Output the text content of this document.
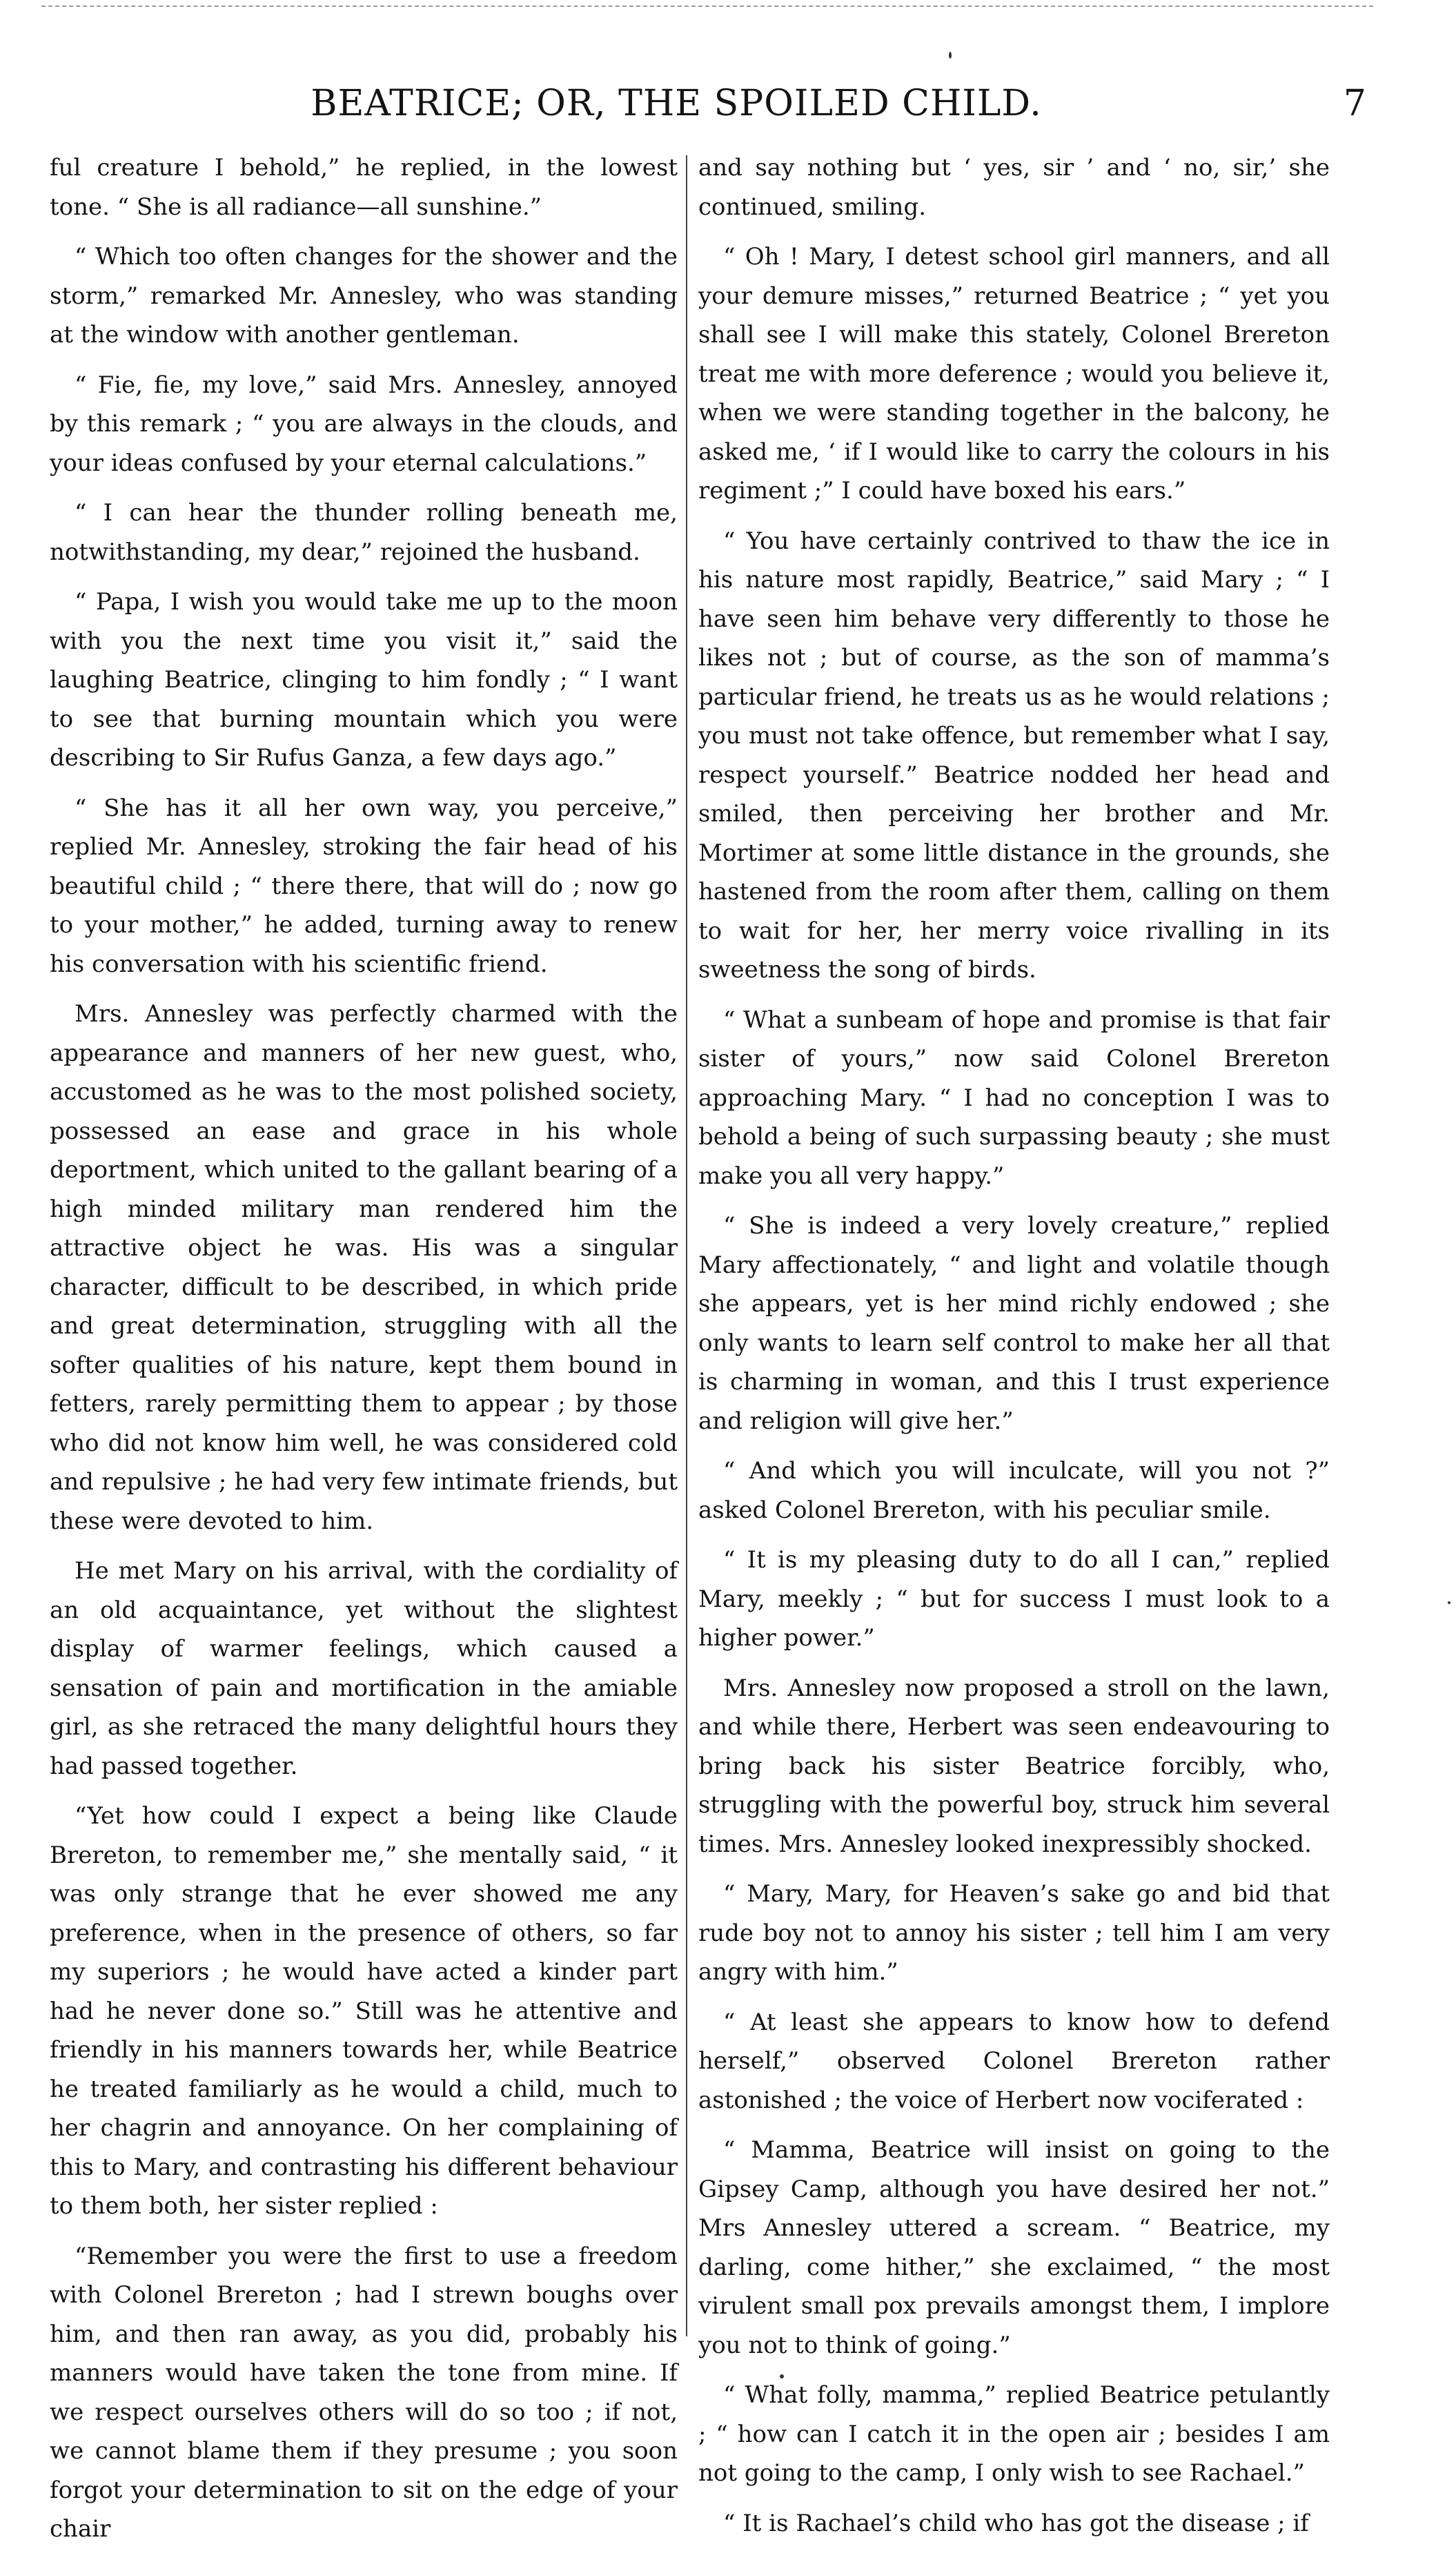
BEATRICE; OR, THE SPOILED CHILD.	7

ful creature I behold,” he replied, in the lowest tone. “ She is all radiance—all sunshine.”

“ Which too often changes for the shower and the storm,” remarked Mr. Annesley, who was standing at the window with another gentleman.

“ Fie, fie, my love,” said Mrs. Annesley, annoyed by this remark ; “ you are always in the clouds, and your ideas confused by your eternal calculations.”

“ I can hear the thunder rolling beneath me, notwithstanding, my dear,” rejoined the husband.

“ Papa, I wish you would take me up to the moon with you the next time you visit it,” said the laughing Beatrice, clinging to him fondly ; “ I want to see that burning mountain which you were describing to Sir Rufus Ganza, a few days ago.”

“ She has it all her own way, you perceive,” replied Mr. Annesley, stroking the fair head of his beautiful child ; “ there there, that will do ; now go to your mother,” he added, turning away to renew his conversation with his scientific friend.

Mrs. Annesley was perfectly charmed with the appearance and manners of her new guest, who, accustomed as he was to the most polished society, possessed an ease and grace in his whole deportment, which united to the gallant bearing of a high minded military man rendered him the attractive object he was. His was a singular character, difficult to be described, in which pride and great determination, struggling with all the softer qualities of his nature, kept them bound in fetters, rarely permitting them to appear ; by those who did not know him well, he was considered cold and repulsive ; he had very few intimate friends, but these were devoted to him.

He met Mary on his arrival, with the cordiality of an old acquaintance, yet without the slightest display of warmer feelings, which caused a sensation of pain and mortification in the amiable girl, as she retraced the many delightful hours they had passed together.

“Yet how could I expect a being like Claude Brereton, to remember me,” she mentally said, “ it was only strange that he ever showed me any preference, when in the presence of others, so far my superiors ; he would have acted a kinder part had he never done so.” Still was he attentive and friendly in his manners towards her, while Beatrice he treated familiarly as he would a child, much to her chagrin and annoyance. On her complaining of this to Mary, and contrasting his different behaviour to them both, her sister replied :

“Remember you were the first to use a freedom with Colonel Brereton ; had I strewn boughs over him, and then ran away, as you did, probably his manners would have taken the tone from mine. If we respect ourselves others will do so too ; if not, we cannot blame them if they presume ; you soon forgot your determination to sit on the edge of your chair

and say nothing but ‘ yes, sir ’ and ‘ no, sir,’ she continued, smiling.

“ Oh ! Mary, I detest school girl manners, and all your demure misses,” returned Beatrice ; “ yet you shall see I will make this stately, Colonel Brereton treat me with more deference ; would you believe it, when we were standing together in the balcony, he asked me, ‘ if I would like to carry the colours in his regiment ;” I could have boxed his ears.”

“ You have certainly contrived to thaw the ice in his nature most rapidly, Beatrice,” said Mary ; “ I have seen him behave very differently to those he likes not ; but of course, as the son of mamma’s particular friend, he treats us as he would relations ; you must not take offence, but remember what I say, respect yourself.” Beatrice nodded her head and smiled, then perceiving her brother and Mr. Mortimer at some little distance in the grounds, she hastened from the room after them, calling on them to wait for her, her merry voice rivalling in its sweetness the song of birds.

“ What a sunbeam of hope and promise is that fair sister of yours,” now said Colonel Brereton approaching Mary. “ I had no conception I was to behold a being of such surpassing beauty ; she must make you all very happy.”

“ She is indeed a very lovely creature,” replied Mary affectionately, “ and light and volatile though she appears, yet is her mind richly endowed ; she only wants to learn self control to make her all that is charming in woman, and this I trust experience and religion will give her.”

“ And which you will inculcate, will you not ?” asked Colonel Brereton, with his peculiar smile.

“ It is my pleasing duty to do all I can,” replied Mary, meekly ; “ but for success I must look to a higher power.”

Mrs. Annesley now proposed a stroll on the lawn, and while there, Herbert was seen endeavouring to bring back his sister Beatrice forcibly, who, struggling with the powerful boy, struck him several times. Mrs. Annesley looked inexpressibly shocked.

“ Mary, Mary, for Heaven’s sake go and bid that rude boy not to annoy his sister ; tell him I am very angry with him.”

“ At least she appears to know how to defend herself,” observed Colonel Brereton rather astonished ; the voice of Herbert now vociferated :

“ Mamma, Beatrice will insist on going to the Gipsey Camp, although you have desired her not.” Mrs Annesley uttered a scream. “ Beatrice, my darling, come hither,” she exclaimed, “ the most virulent small pox prevails amongst them, I implore you not to think of going.”

“ What folly, mamma,” replied Beatrice petulantly ; “ how can I catch it in the open air ; besides I am not going to the camp, I only wish to see Rachael.”

“ It is Rachael’s child who has got the disease ; if
